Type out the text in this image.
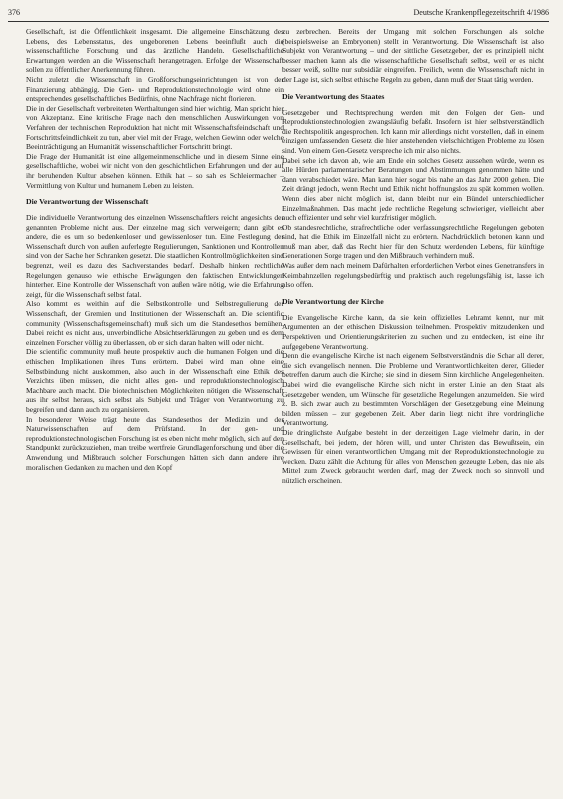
376	Deutsche Krankenpflegezeitschrift 4/1986

Gesellschaft, ist die Öffentlichkeit insgesamt. Die allgemeine Einschätzung des Lebens, des Lebensstatus, des ungeborenen Lebens beeinflußt auch die wissenschaftliche Forschung und das ärztliche Handeln. Gesellschaftliche Erwartungen werden an die Wissenschaft herangetragen. Erfolge der Wissenschaft sollen zu öffentlicher Anerkennung führen.

Nicht zuletzt die Wissenschaft in Großforschungseinrichtungen ist von der Finanzierung abhängig. Die Gen- und Reproduktionstechnologie wird ohne ein entsprechendes gesellschaftliches Bedürfnis, ohne Nachfrage nicht florieren.

Die in der Gesellschaft verbreiteten Werthaltungen sind hier wichtig. Man spricht hier von Akzeptanz. Eine kritische Frage nach den menschlichen Auswirkungen von Verfahren der technischen Reproduktion hat nicht mit Wissenschaftsfeindschaft und Fortschrittsfeindlichkeit zu tun, aber viel mit der Frage, welchen Gewinn oder welche Beeinträchtigung an Humanität wissenschaftlicher Fortschritt bringt.

Die Frage der Humanität ist eine allgemeinmenschliche und in diesem Sinne eine gesellschaftliche, wobei wir nicht von den geschichtlichen Erfahrungen und der auf ihr beruhenden Kultur absehen können. Ethik hat – so sah es Schleiermacher – Vermittlung von Kultur und humanem Leben zu leisten.

Die Verantwortung der Wissenschaft

Die individuelle Verantwortung des einzelnen Wissenschaftlers reicht angesichts der genannten Probleme nicht aus. Der einzelne mag sich verweigern; dann gibt es andere, die es um so bedenkenloser und gewissenloser tun. Eine Festlegung der Wissenschaft durch von außen auferlegte Regulierungen, Sanktionen und Kontrollen sind von der Sache her Schranken gesetzt. Die staatlichen Kontrollmöglichkeiten sind begrenzt, weil es dazu des Sachverstandes bedarf. Deshalb hinken rechtliche Regelungen genauso wie ethische Erwägungen den faktischen Entwicklungen hinterher. Eine Kontrolle der Wissenschaft von außen wäre nötig, wie die Erfahrung zeigt, für die Wissenschaft selbst fatal.

Also kommt es weithin auf die Selbstkontrolle und Selbstregulierung der Wissenschaft, der Gremien und Institutionen der Wissenschaft an. Die scientific community (Wissenschaftsgemeinschaft) muß sich um die Standesethos bemühen. Dabei reicht es nicht aus, unverbindliche Absichtserklärungen zu geben und es dem einzelnen Forscher völlig zu überlassen, ob er sich daran halten will oder nicht.

Die scientific community muß heute prospektiv auch die humanen Folgen und die ethischen Implikationen ihres Tuns erörtern. Dabei wird man ohne eine Selbstbindung nicht auskommen, also auch in der Wissenschaft eine Ethik des Verzichts üben müssen, die nicht alles gen- und reproduktionstechnologisch Machbare auch macht. Die biotechnischen Möglichkeiten nötigen die Wissenschaft aus ihr selbst heraus, sich selbst als Subjekt und Träger von Verantwortung zu begreifen und dann auch zu organisieren.

In besonderer Weise trägt heute das Standesethos der Medizin und der Naturwissenschaften auf dem Prüfstand. In der gen- und reproduktionstechnologischen Forschung ist es eben nicht mehr möglich, sich auf den Standpunkt zurückzuziehen, man treibe wertfreie Grundlagenforschung und über die Anwendung und Mißbrauch solcher Forschungen hätten sich dann andere ihre moralischen Gedanken zu machen und den Kopf

zu zerbrechen. Bereits der Umgang mit solchen Forschungen als solche (beispielsweise an Embryonen) stellt in Verantwortung. Die Wissenschaft ist also Subjekt von Verantwortung – und der sittliche Gesetzgeber, der es prinzipiell nicht besser machen kann als die wissenschaftliche Gesellschaft selbst, weil er es nicht besser weiß, sollte nur subsidiär eingreifen. Freilich, wenn die Wissenschaft nicht in der Lage ist, sich selbst ethische Regeln zu geben, dann muß der Staat tätig werden.

Die Verantwortung des Staates

Gesetzgeber und Rechtsprechung werden mit den Folgen der Gen- und Reproduktionstechnologien zwangsläufig befaßt. Insofern ist hier selbstverständlich die Rechtspolitik angesprochen. Ich kann mir allerdings nicht vorstellen, daß in einem einzigen umfassenden Gesetz die hier anstehenden vielschichtigen Probleme zu lösen sind. Von einem Gen-Gesetz verspreche ich mir also nichts.

Dabei sehe ich davon ab, wie am Ende ein solches Gesetz aussehen würde, wenn es alle Hürden parlamentarischer Beratungen und Abstimmungen genommen hätte und dann verabschiedet wäre. Man kann hier sogar bis nahe an das Jahr 2000 gehen. Die Zeit drängt jedoch, wenn Recht und Ethik nicht hoffnungslos zu spät kommen wollen. Wenn dies aber nicht möglich ist, dann bleibt nur ein Bündel unterschiedlicher Einzelmaßnahmen. Das macht jede rechtliche Regelung schwieriger, vielleicht aber auch effizienter und sehr viel kurzfristiger möglich.

Ob standesrechtliche, strafrechtliche oder verfassungsrechtliche Regelungen geboten sind, hat die Ethik im Einzelfall nicht zu erörtern. Nachdrücklich betonen kann und muß man aber, daß das Recht hier für den Schutz werdenden Lebens, für künftige Generationen Sorge tragen und den Mißbrauch verhindern muß.

Was außer dem nach meinem Dafürhalten erforderlichen Verbot eines Genetransfers in Keimbahnzellen regelungsbedürftig und praktisch auch regelungsfähig ist, lasse ich also offen.

Die Verantwortung der Kirche

Die Evangelische Kirche kann, da sie kein offizielles Lehramt kennt, nur mit Argumenten an der ethischen Diskussion teilnehmen. Prospektiv mitzudenken und Perspektiven und Orientierungskriterien zu suchen und zu entdecken, ist eine ihr aufgegebene Verantwortung.

Denn die evangelische Kirche ist nach eigenem Selbstverständnis die Schar all derer, die sich evangelisch nennen. Die Probleme und Verantwortlichkeiten derer, Glieder betreffen darum auch die Kirche; sie sind in diesem Sinn kirchliche Angelegenheiten. Dabei wird die evangelische Kirche sich nicht in erster Linie an den Staat als Gesetzgeber wenden, um Wünsche für gesetzliche Regelungen anzumelden. Sie wird z. B. sich zwar auch zu bestimmten Vorschlägen der Gesetzgebung eine Meinung bilden müssen – zur gegebenen Zeit. Aber darin liegt nicht ihre vordringliche Verantwortung.

Die dringlichste Aufgabe besteht in der derzeitigen Lage vielmehr darin, in der Gesellschaft, bei jedem, der hören will, und unter Christen das Bewußtsein, ein Gewissen für einen verantwortlichen Umgang mit der Reproduktionstechnologie zu wecken. Dazu zählt die Achtung für alles von Menschen gezeugte Leben, das nie als Mittel zum Zweck gebraucht werden darf, mag der Zweck noch so sinnvoll und nützlich erscheinen.
